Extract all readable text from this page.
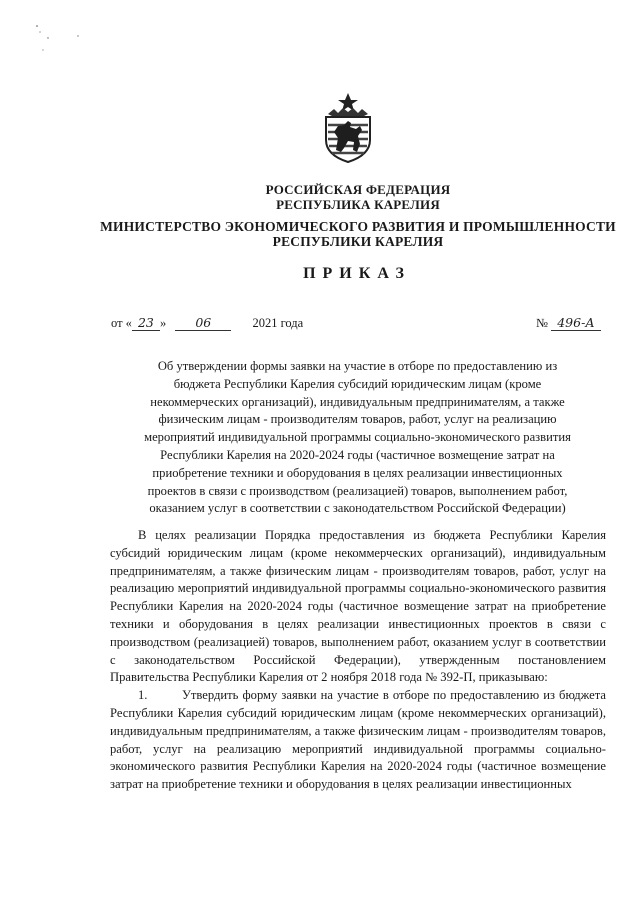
РОССИЙСКАЯ ФЕДЕРАЦИЯ
РЕСПУБЛИКА КАРЕЛИЯ
МИНИСТЕРСТВО ЭКОНОМИЧЕСКОГО РАЗВИТИЯ И ПРОМЫШЛЕННОСТИ
РЕСПУБЛИКИ КАРЕЛИЯ
ПРИКАЗ
от « 23 » 06	2021 года	№ 496-А
Об утверждении формы заявки на участие в отборе по предоставлению из
бюджета Республики Карелия субсидий юридическим лицам (кроме
некоммерческих организаций), индивидуальным предпринимателям, а также
физическим лицам - производителям товаров, работ, услуг на реализацию
мероприятий индивидуальной программы социально-экономического развития
Республики Карелия на 2020-2024 годы (частичное возмещение затрат на
приобретение техники и оборудования в целях реализации инвестиционных
проектов в связи с производством (реализацией) товаров, выполнением работ,
оказанием услуг в соответствии с законодательством Российской Федерации)

В целях реализации Порядка предоставления из бюджета Республики Карелия субсидий юридическим лицам (кроме некоммерческих организаций), индивидуальным предпринимателям, а также физическим лицам - производителям товаров, работ, услуг на реализацию мероприятий индивидуальной программы социально-экономического развития Республики Карелия на 2020-2024 годы (частичное возмещение затрат на приобретение техники и оборудования в целях реализации инвестиционных проектов в связи с производством (реализацией) товаров, выполнением работ, оказанием услуг в соответствии с законодательством Российской Федерации), утвержденным постановлением Правительства Республики Карелия от 2 ноября 2018 года № 392-П, приказываю:

1.	Утвердить форму заявки на участие в отборе по предоставлению из бюджета Республики Карелия субсидий юридическим лицам (кроме некоммерческих организаций), индивидуальным предпринимателям, а также физическим лицам - производителям товаров, работ, услуг на реализацию мероприятий индивидуальной программы социально-экономического развития Республики Карелия на 2020-2024 годы (частичное возмещение затрат на приобретение техники и оборудования в целях реализации инвестиционных
